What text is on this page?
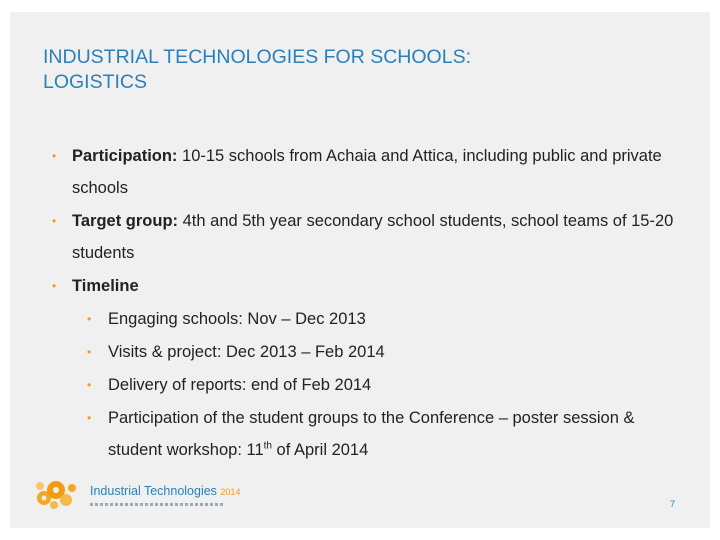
INDUSTRIAL TECHNOLOGIES FOR SCHOOLS:
LOGISTICS
• Participation: 10-15 schools from Achaia and Attica, including public and private schools
• Target group: 4th and 5th year secondary school students, school teams of 15-20 students
• Timeline
• Engaging schools: Nov – Dec 2013
• Visits & project: Dec 2013 – Feb 2014
• Delivery of reports: end of Feb 2014
• Participation of the student groups to the Conference – poster session & student workshop: 11th of April 2014
Industrial Technologies 2014
7
